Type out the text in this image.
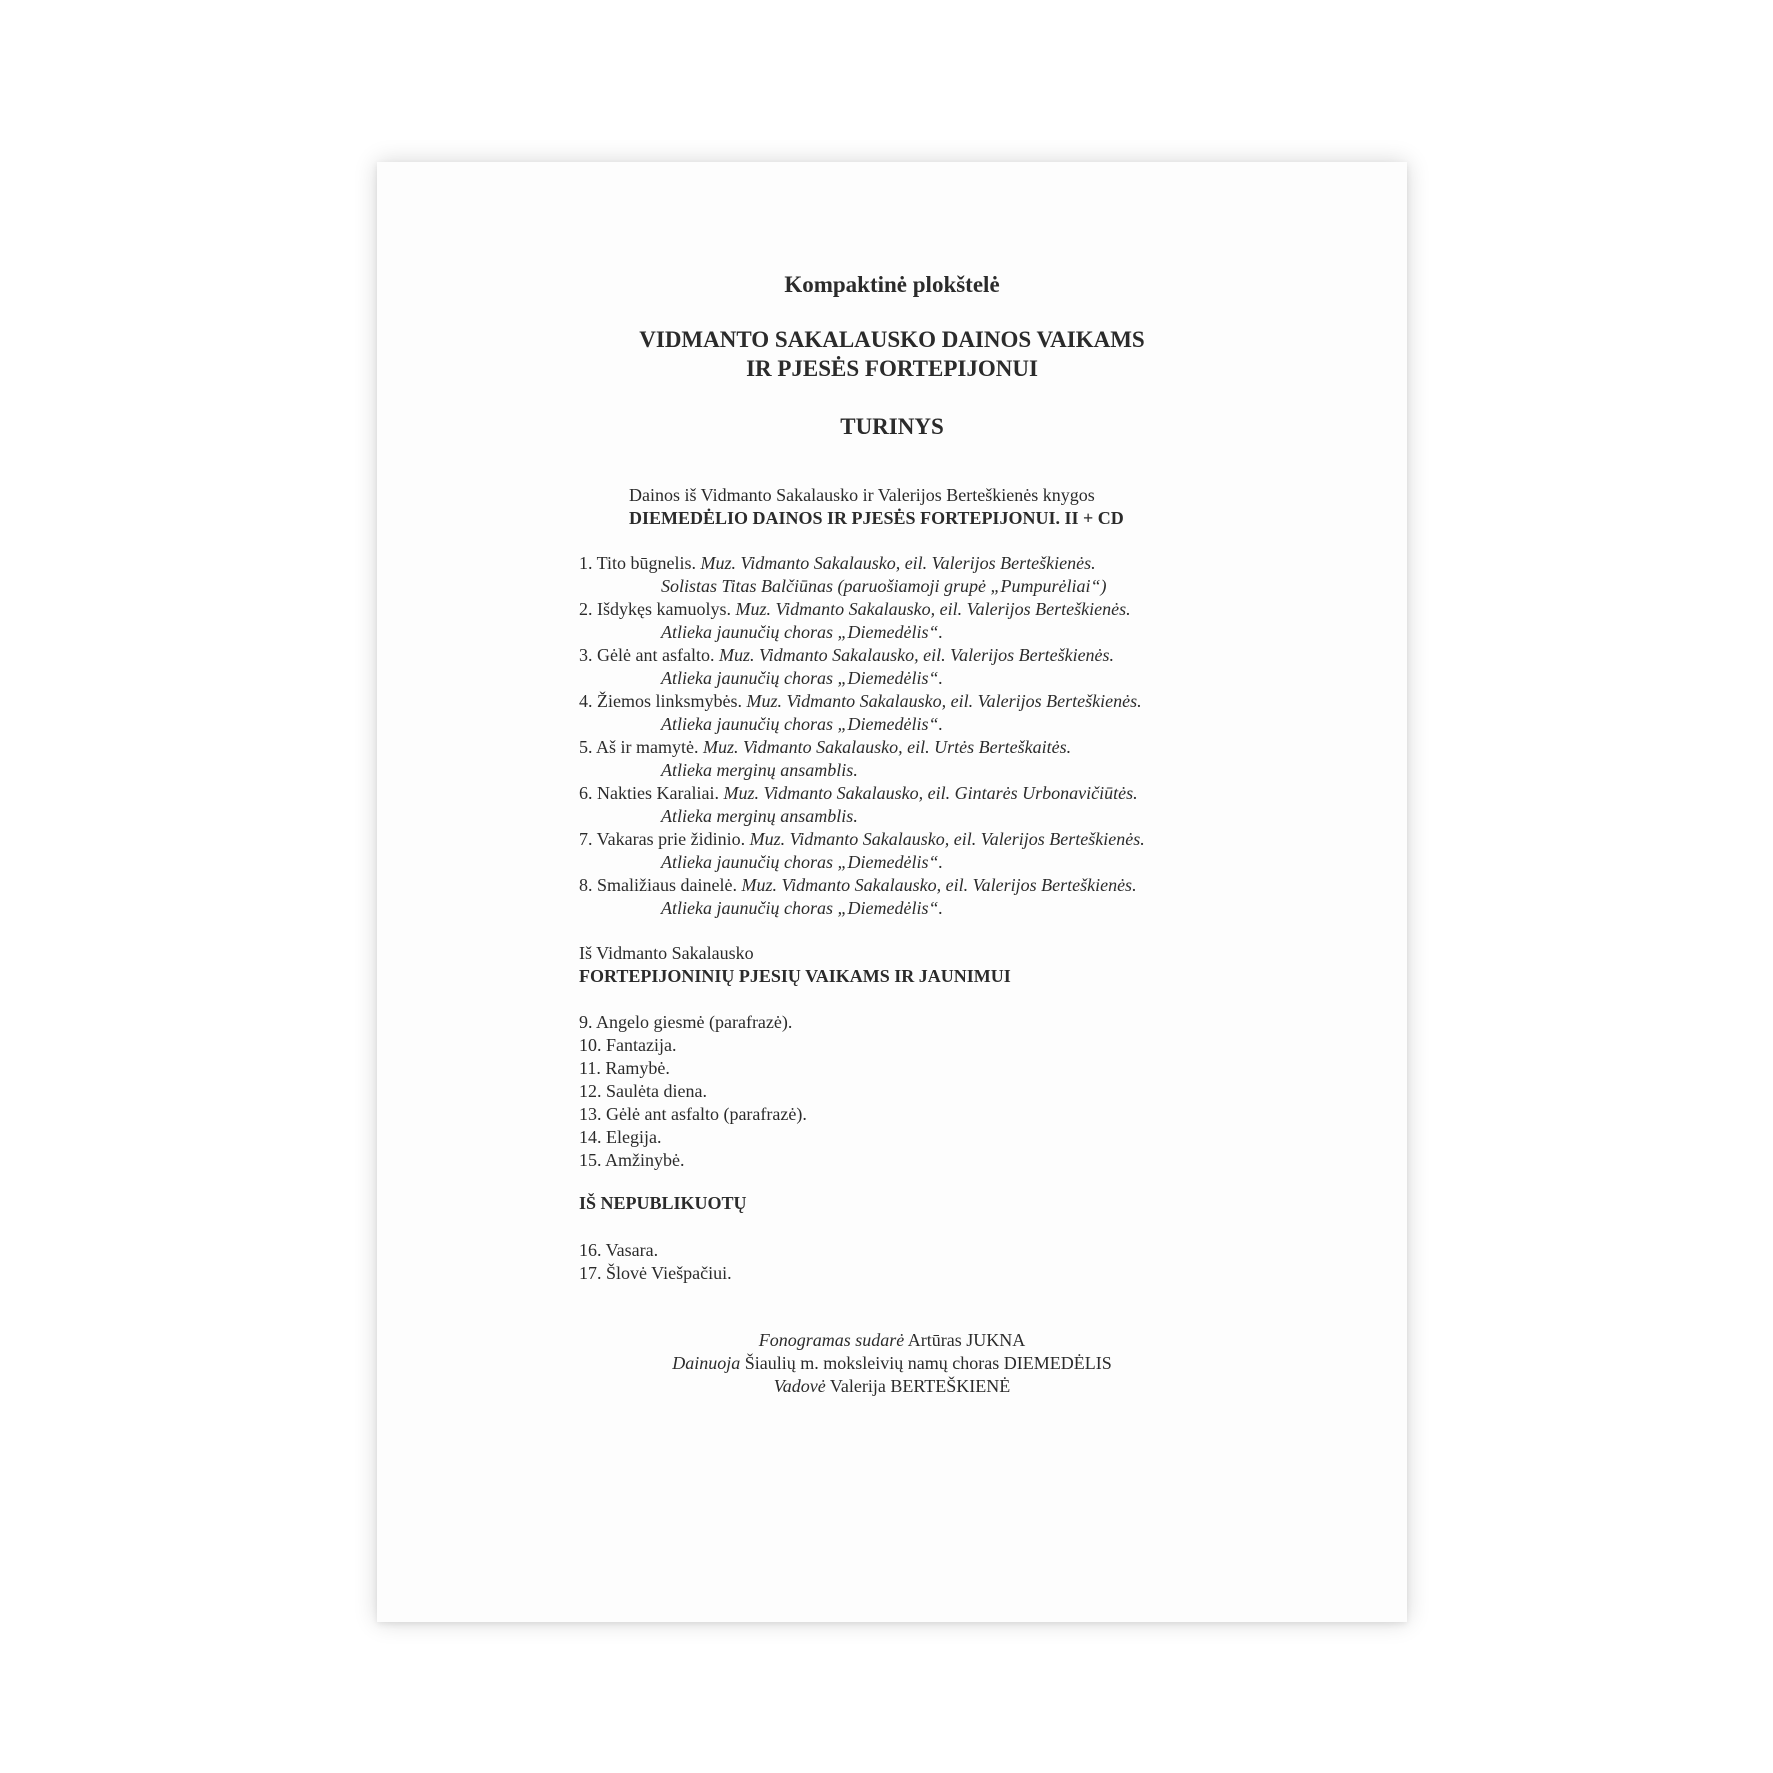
Kompaktinė plokštelė
VIDMANTO SAKALAUSKO DAINOS VAIKAMS
IR PJESĖS FORTEPIJONUI
TURINYS
Dainos iš Vidmanto Sakalausko ir Valerijos Berteškienės knygos
DIEMEDĖLIO DAINOS IR PJESĖS FORTEPIJONUI. II + CD
1. Tito būgnelis. Muz. Vidmanto Sakalausko, eil. Valerijos Berteškienės.
Solistas Titas Balčiūnas (paruošiamoji grupė „Pumpurėliai“)
2. Išdykęs kamuolys. Muz. Vidmanto Sakalausko, eil. Valerijos Berteškienės.
Atlieka jaunučių choras „Diemedėlis“.
3. Gėlė ant asfalto. Muz. Vidmanto Sakalausko, eil. Valerijos Berteškienės.
Atlieka jaunučių choras „Diemedėlis“.
4. Žiemos linksmybės. Muz. Vidmanto Sakalausko, eil. Valerijos Berteškienės.
Atlieka jaunučių choras „Diemedėlis“.
5. Aš ir mamytė. Muz. Vidmanto Sakalausko, eil. Urtės Berteškaitės.
Atlieka merginų ansamblis.
6. Nakties Karaliai. Muz. Vidmanto Sakalausko, eil. Gintarės Urbonavičiūtės.
Atlieka merginų ansamblis.
7. Vakaras prie židinio. Muz. Vidmanto Sakalausko, eil. Valerijos Berteškienės.
Atlieka jaunučių choras „Diemedėlis“.
8. Smaližiaus dainelė. Muz. Vidmanto Sakalausko, eil. Valerijos Berteškienės.
Atlieka jaunučių choras „Diemedėlis“.
Iš Vidmanto Sakalausko
FORTEPIJONINIŲ PJESIŲ VAIKAMS IR JAUNIMUI
9. Angelo giesmė (parafrazė).
10. Fantazija.
11. Ramybė.
12. Saulėta diena.
13. Gėlė ant asfalto (parafrazė).
14. Elegija.
15. Amžinybė.
IŠ NEPUBLIKUOTŲ
16. Vasara.
17. Šlovė Viešpačiui.
Fonogramas sudarė Artūras JUKNA
Dainuoja Šiaulių m. moksleivių namų choras DIEMEDĖLIS
Vadovė Valerija BERTEŠKIENĖ
